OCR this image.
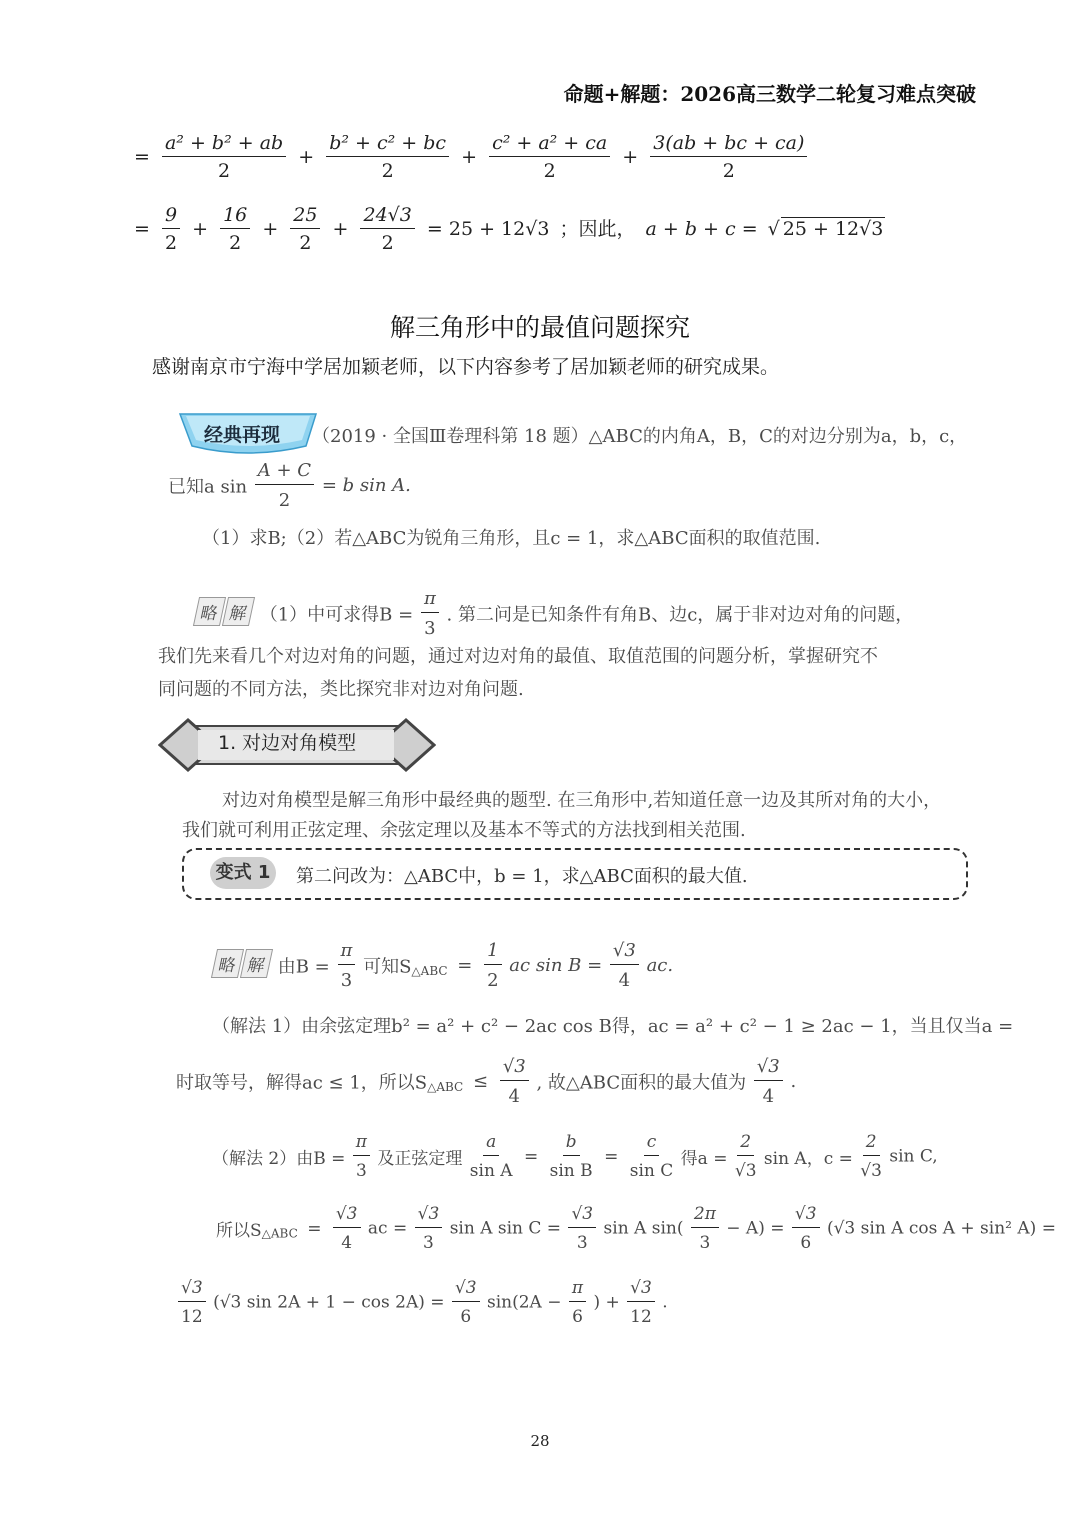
命题+解题：2026高三数学二轮复习难点突破
= $\frac{\text{a² + b² + ab}}{2} + \frac{\text{b² + c² + bc}}{2} + \frac{\text{c² + a² + ca}}{2} + \frac{3(ab + bc + ca)}{2}$
= $\frac{9}{2} + \frac{16}{2} + \frac{25}{2} + \frac{24√3}{2} = 25 + 12√3$ ；因此， a + b + c = √ 25 + 12√3
解三角形中的最值问题探究
感谢南京市宁海中学居加颖老师，以下内容参考了居加颖老师的研究成果。
经典再现 （2019 · 全国Ⅲ卷理科第 18 题）△ABC的内角A，B，C的对边分别为a，b，c，
已知a $\sin \frac{A + C}{2} = b$ sin A.
（1）求B;（2）若△ABC为锐角三角形，且c = 1，求△ABC面积的取值范围.
略 解 （1）中可求得$B = \frac{\pi}{3}$ . 第二问是已知条件有角B、边c，属于非对边对角的问题，
我们先来看几个对边对角的问题，通过对边对角的最值、取值范围的问题分析，掌握研究不
同问题的不同方法，类比探究非对边对角问题.
1. 对边对角模型
对边对角模型是解三角形中最经典的题型. 在三角形中,若知道任意一边及其所对角的大小，
我们就可利用正弦定理、余弦定理以及基本不等式的方法找到相关范围.
变式 1	第二问改为：△ABC中，b = 1，求△ABC面积的最大值.
略 解 由$B = \frac{\pi}{3}$ 可知$S_{\triangle ABC} = \frac{1}{2}$ ac $\sin B = \frac{√3}{4}$ ac.
（解法 1）由余弦定理b² = a² + c² − 2ac cos B得，ac = a² + c² − 1 ≥ 2ac − 1，当且仅当a =
时取等号，解得ac ≤ 1，所以$S_{\triangle ABC} \le \frac{√3}{4}$ , 故△ABC面积的最大值为 $\frac{√3}{4}$ .
（解法 2）由$B = \frac{\pi}{3}$ 及正弦定理 $\frac{a}{\text{sin A}} = \frac{b}{\text{sin B}} = \frac{c}{\text{sin C}}$ 得$a = \frac{2}{√3}$ sin A，$c = \frac{2}{√3}$ sin C,
所以$S_{\triangle ABC} = \frac{√3}{4}$ ac = $\frac{√3}{3}$ sin A $\sin C = \frac{√3}{3}$ sin A $\sin( \frac{2\pi}{3} - A) = \frac{√3}{6} (√3$ sin A cos A + sin² A) =
$\frac{√3}{12} (√3$ $\sin 2A + 1 - \cos 2A) = \frac{√3}{6} \sin(2A - \frac{\pi}{6}$ ) + $\frac{√3}{12}$ .
28
